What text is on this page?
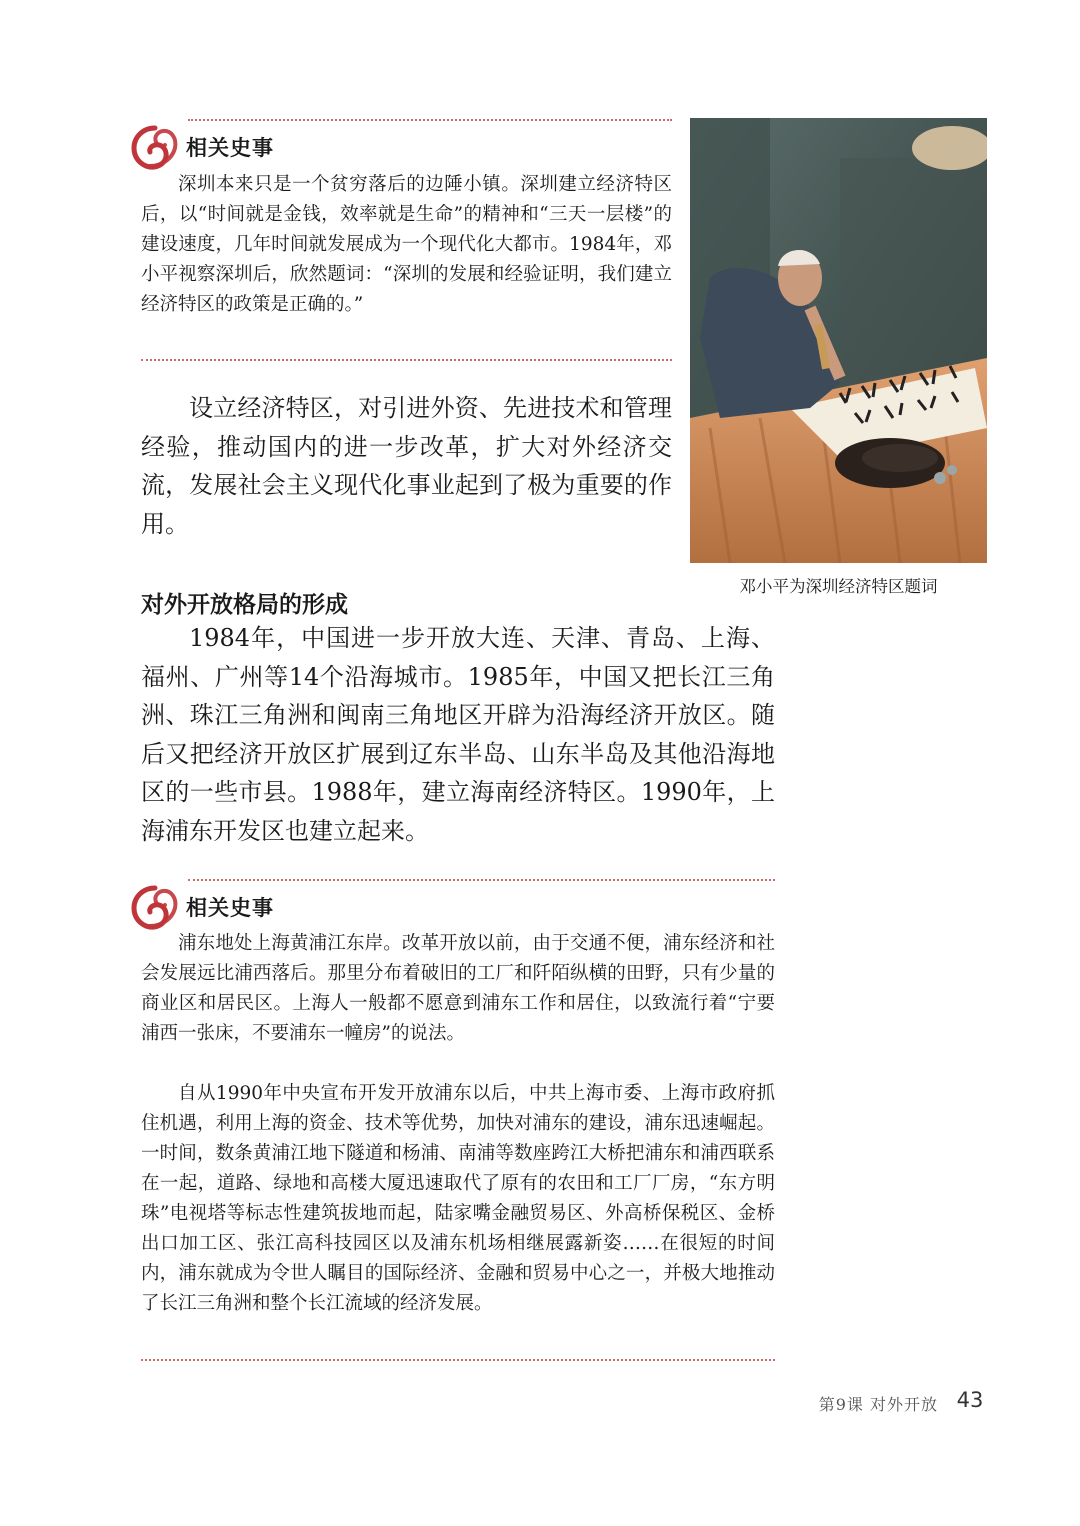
相关史事

深圳本来只是一个贫穷落后的边陲小镇。深圳建立经济特区后，以“时间就是金钱，效率就是生命”的精神和“三天一层楼”的建设速度，几年时间就发展成为一个现代化大都市。1984年，邓小平视察深圳后，欣然题词：“深圳的发展和经验证明，我们建立经济特区的政策是正确的。”

设立经济特区，对引进外资、先进技术和管理经验，推动国内的进一步改革，扩大对外经济交流，发展社会主义现代化事业起到了极为重要的作用。

邓小平为深圳经济特区题词
对外开放格局的形成

1984年，中国进一步开放大连、天津、青岛、上海、福州、广州等14个沿海城市。1985年，中国又把长江三角洲、珠江三角洲和闽南三角地区开辟为沿海经济开放区。随后又把经济开放区扩展到辽东半岛、山东半岛及其他沿海地区的一些市县。1988年，建立海南经济特区。1990年，上海浦东开发区也建立起来。

相关史事

浦东地处上海黄浦江东岸。改革开放以前，由于交通不便，浦东经济和社会发展远比浦西落后。那里分布着破旧的工厂和阡陌纵横的田野，只有少量的商业区和居民区。上海人一般都不愿意到浦东工作和居住，以致流行着“宁要浦西一张床，不要浦东一幢房”的说法。

自从1990年中央宣布开发开放浦东以后，中共上海市委、上海市政府抓住机遇，利用上海的资金、技术等优势，加快对浦东的建设，浦东迅速崛起。一时间，数条黄浦江地下隧道和杨浦、南浦等数座跨江大桥把浦东和浦西联系在一起，道路、绿地和高楼大厦迅速取代了原有的农田和工厂厂房，“东方明珠”电视塔等标志性建筑拔地而起，陆家嘴金融贸易区、外高桥保税区、金桥出口加工区、张江高科技园区以及浦东机场相继展露新姿……在很短的时间内，浦东就成为令世人瞩目的国际经济、金融和贸易中心之一，并极大地推动了长江三角洲和整个长江流域的经济发展。

第9课 对外开放 43
